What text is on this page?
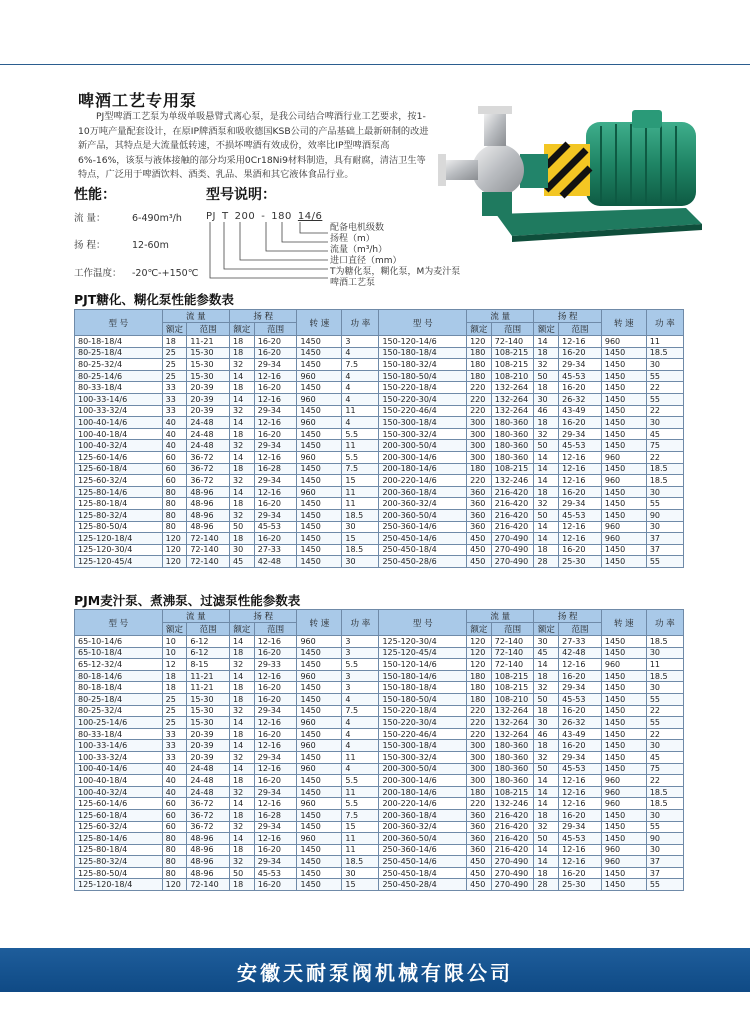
啤酒工艺专用泵
PJ型啤酒工艺泵为单级单吸悬臂式离心泵，是我公司结合啤酒行业工艺要求，按1-10万吨产量配套设计，在原IP牌酒泵和吸收德国KSB公司的产品基础上最新研制的改进新产品，其特点是大流量低转速，不损坏啤酒有效成份，效率比IP型啤酒泵高6%-16%，该泵与液体接触的部分均采用0Cr18Ni9材料制造，具有耐腐，清洁卫生等特点，广泛用于啤酒饮料、酒类、乳品、果酒和其它液体食品行业。
性能：
流 量：	6-490m³/h
扬 程：	12-60m
工作温度： -20℃-+150℃
型号说明：
PJ T 200 - 180 14/6
配备电机级数
扬程（m）
流量（m³/h）
进口直径（mm）
T为糖化泵，糊化泵，M为麦汁泵
啤酒工艺泵
PJT糖化、糊化泵性能参数表
型 号	流 量		扬 程		转 速	功 率	型 号	流 量		扬 程		转 速	功 率
	额定	范围	额定	范围				额定	范围	额定	范围		
80-18-18/4	18	11-21	18	16-20	1450	3	150-120-14/6	120	72-140	14	12-16	960	11
80-25-18/4	25	15-30	18	16-20	1450	4	150-180-18/4	180	108-215	18	16-20	1450	18.5
80-25-32/4	25	15-30	32	29-34	1450	7.5	150-180-32/4	180	108-215	32	29-34	1450	30
80-25-14/6	25	15-30	14	12-16	960	4	150-180-50/4	180	108-210	50	45-53	1450	55
80-33-18/4	33	20-39	18	16-20	1450	4	150-220-18/4	220	132-264	18	16-20	1450	22
100-33-14/6	33	20-39	14	12-16	960	4	150-220-30/4	220	132-264	30	26-32	1450	55
100-33-32/4	33	20-39	32	29-34	1450	11	150-220-46/4	220	132-264	46	43-49	1450	22
100-40-14/6	40	24-48	14	12-16	960	4	150-300-18/4	300	180-360	18	16-20	1450	30
100-40-18/4	40	24-48	18	16-20	1450	5.5	150-300-32/4	300	180-360	32	29-34	1450	45
100-40-32/4	40	24-48	32	29-34	1450	11	200-300-50/4	300	180-360	50	45-53	1450	75
125-60-14/6	60	36-72	14	12-16	960	5.5	200-300-14/6	300	180-360	14	12-16	960	22
125-60-18/4	60	36-72	18	16-28	1450	7.5	200-180-14/6	180	108-215	14	12-16	1450	18.5
125-60-32/4	60	36-72	32	29-34	1450	15	200-220-14/6	220	132-246	14	12-16	960	18.5
125-80-14/6	80	48-96	14	12-16	960	11	200-360-18/4	360	216-420	18	16-20	1450	30
125-80-18/4	80	48-96	18	16-20	1450	11	200-360-32/4	360	216-420	32	29-34	1450	55
125-80-32/4	80	48-96	32	29-34	1450	18.5	200-360-50/4	360	216-420	50	45-53	1450	90
125-80-50/4	80	48-96	50	45-53	1450	30	250-360-14/6	360	216-420	14	12-16	960	30
125-120-18/4	120	72-140	18	16-20	1450	15	250-450-14/6	450	270-490	14	12-16	960	37
125-120-30/4	120	72-140	30	27-33	1450	18.5	250-450-18/4	450	270-490	18	16-20	1450	37
125-120-45/4	120	72-140	45	42-48	1450	30	250-450-28/6	450	270-490	28	25-30	1450	55
PJM麦汁泵、煮沸泵、过滤泵性能参数表
型 号	流 量		扬 程		转 速	功 率	型 号	流 量		扬 程		转 速	功 率
	额定	范围	额定	范围				额定	范围	额定	范围		
65-10-14/6	10	6-12	14	12-16	960	3	125-120-30/4	120	72-140	30	27-33	1450	18.5
65-10-18/4	10	6-12	18	16-20	1450	3	125-120-45/4	120	72-140	45	42-48	1450	30
65-12-32/4	12	8-15	32	29-33	1450	5.5	150-120-14/6	120	72-140	14	12-16	960	11
80-18-14/6	18	11-21	14	12-16	960	3	150-180-14/6	180	108-215	18	16-20	1450	18.5
80-18-18/4	18	11-21	18	16-20	1450	3	150-180-18/4	180	108-215	32	29-34	1450	30
80-25-18/4	25	15-30	18	16-20	1450	4	150-180-50/4	180	108-210	50	45-53	1450	55
80-25-32/4	25	15-30	32	29-34	1450	7.5	150-220-18/4	220	132-264	18	16-20	1450	22
100-25-14/6	25	15-30	14	12-16	960	4	150-220-30/4	220	132-264	30	26-32	1450	55
80-33-18/4	33	20-39	18	16-20	1450	4	150-220-46/4	220	132-264	46	43-49	1450	22
100-33-14/6	33	20-39	14	12-16	960	4	150-300-18/4	300	180-360	18	16-20	1450	30
100-33-32/4	33	20-39	32	29-34	1450	11	150-300-32/4	300	180-360	32	29-34	1450	45
100-40-14/6	40	24-48	14	12-16	960	4	200-300-50/4	300	180-360	50	45-53	1450	75
100-40-18/4	40	24-48	18	16-20	1450	5.5	200-300-14/6	300	180-360	14	12-16	960	22
100-40-32/4	40	24-48	32	29-34	1450	11	200-180-14/6	180	108-215	14	12-16	960	18.5
125-60-14/6	60	36-72	14	12-16	960	5.5	200-220-14/6	220	132-246	14	12-16	960	18.5
125-60-18/4	60	36-72	18	16-28	1450	7.5	200-360-18/4	360	216-420	18	16-20	1450	30
125-60-32/4	60	36-72	32	29-34	1450	15	200-360-32/4	360	216-420	32	29-34	1450	55
125-80-14/6	80	48-96	14	12-16	960	11	200-360-50/4	360	216-420	50	45-53	1450	90
125-80-18/4	80	48-96	18	16-20	1450	11	250-360-14/6	360	216-420	14	12-16	960	30
125-80-32/4	80	48-96	32	29-34	1450	18.5	250-450-14/6	450	270-490	14	12-16	960	37
125-80-50/4	80	48-96	50	45-53	1450	30	250-450-18/4	450	270-490	18	16-20	1450	37
125-120-18/4	120	72-140	18	16-20	1450	15	250-450-28/4	450	270-490	28	25-30	1450	55
安徽天耐泵阀机械有限公司
